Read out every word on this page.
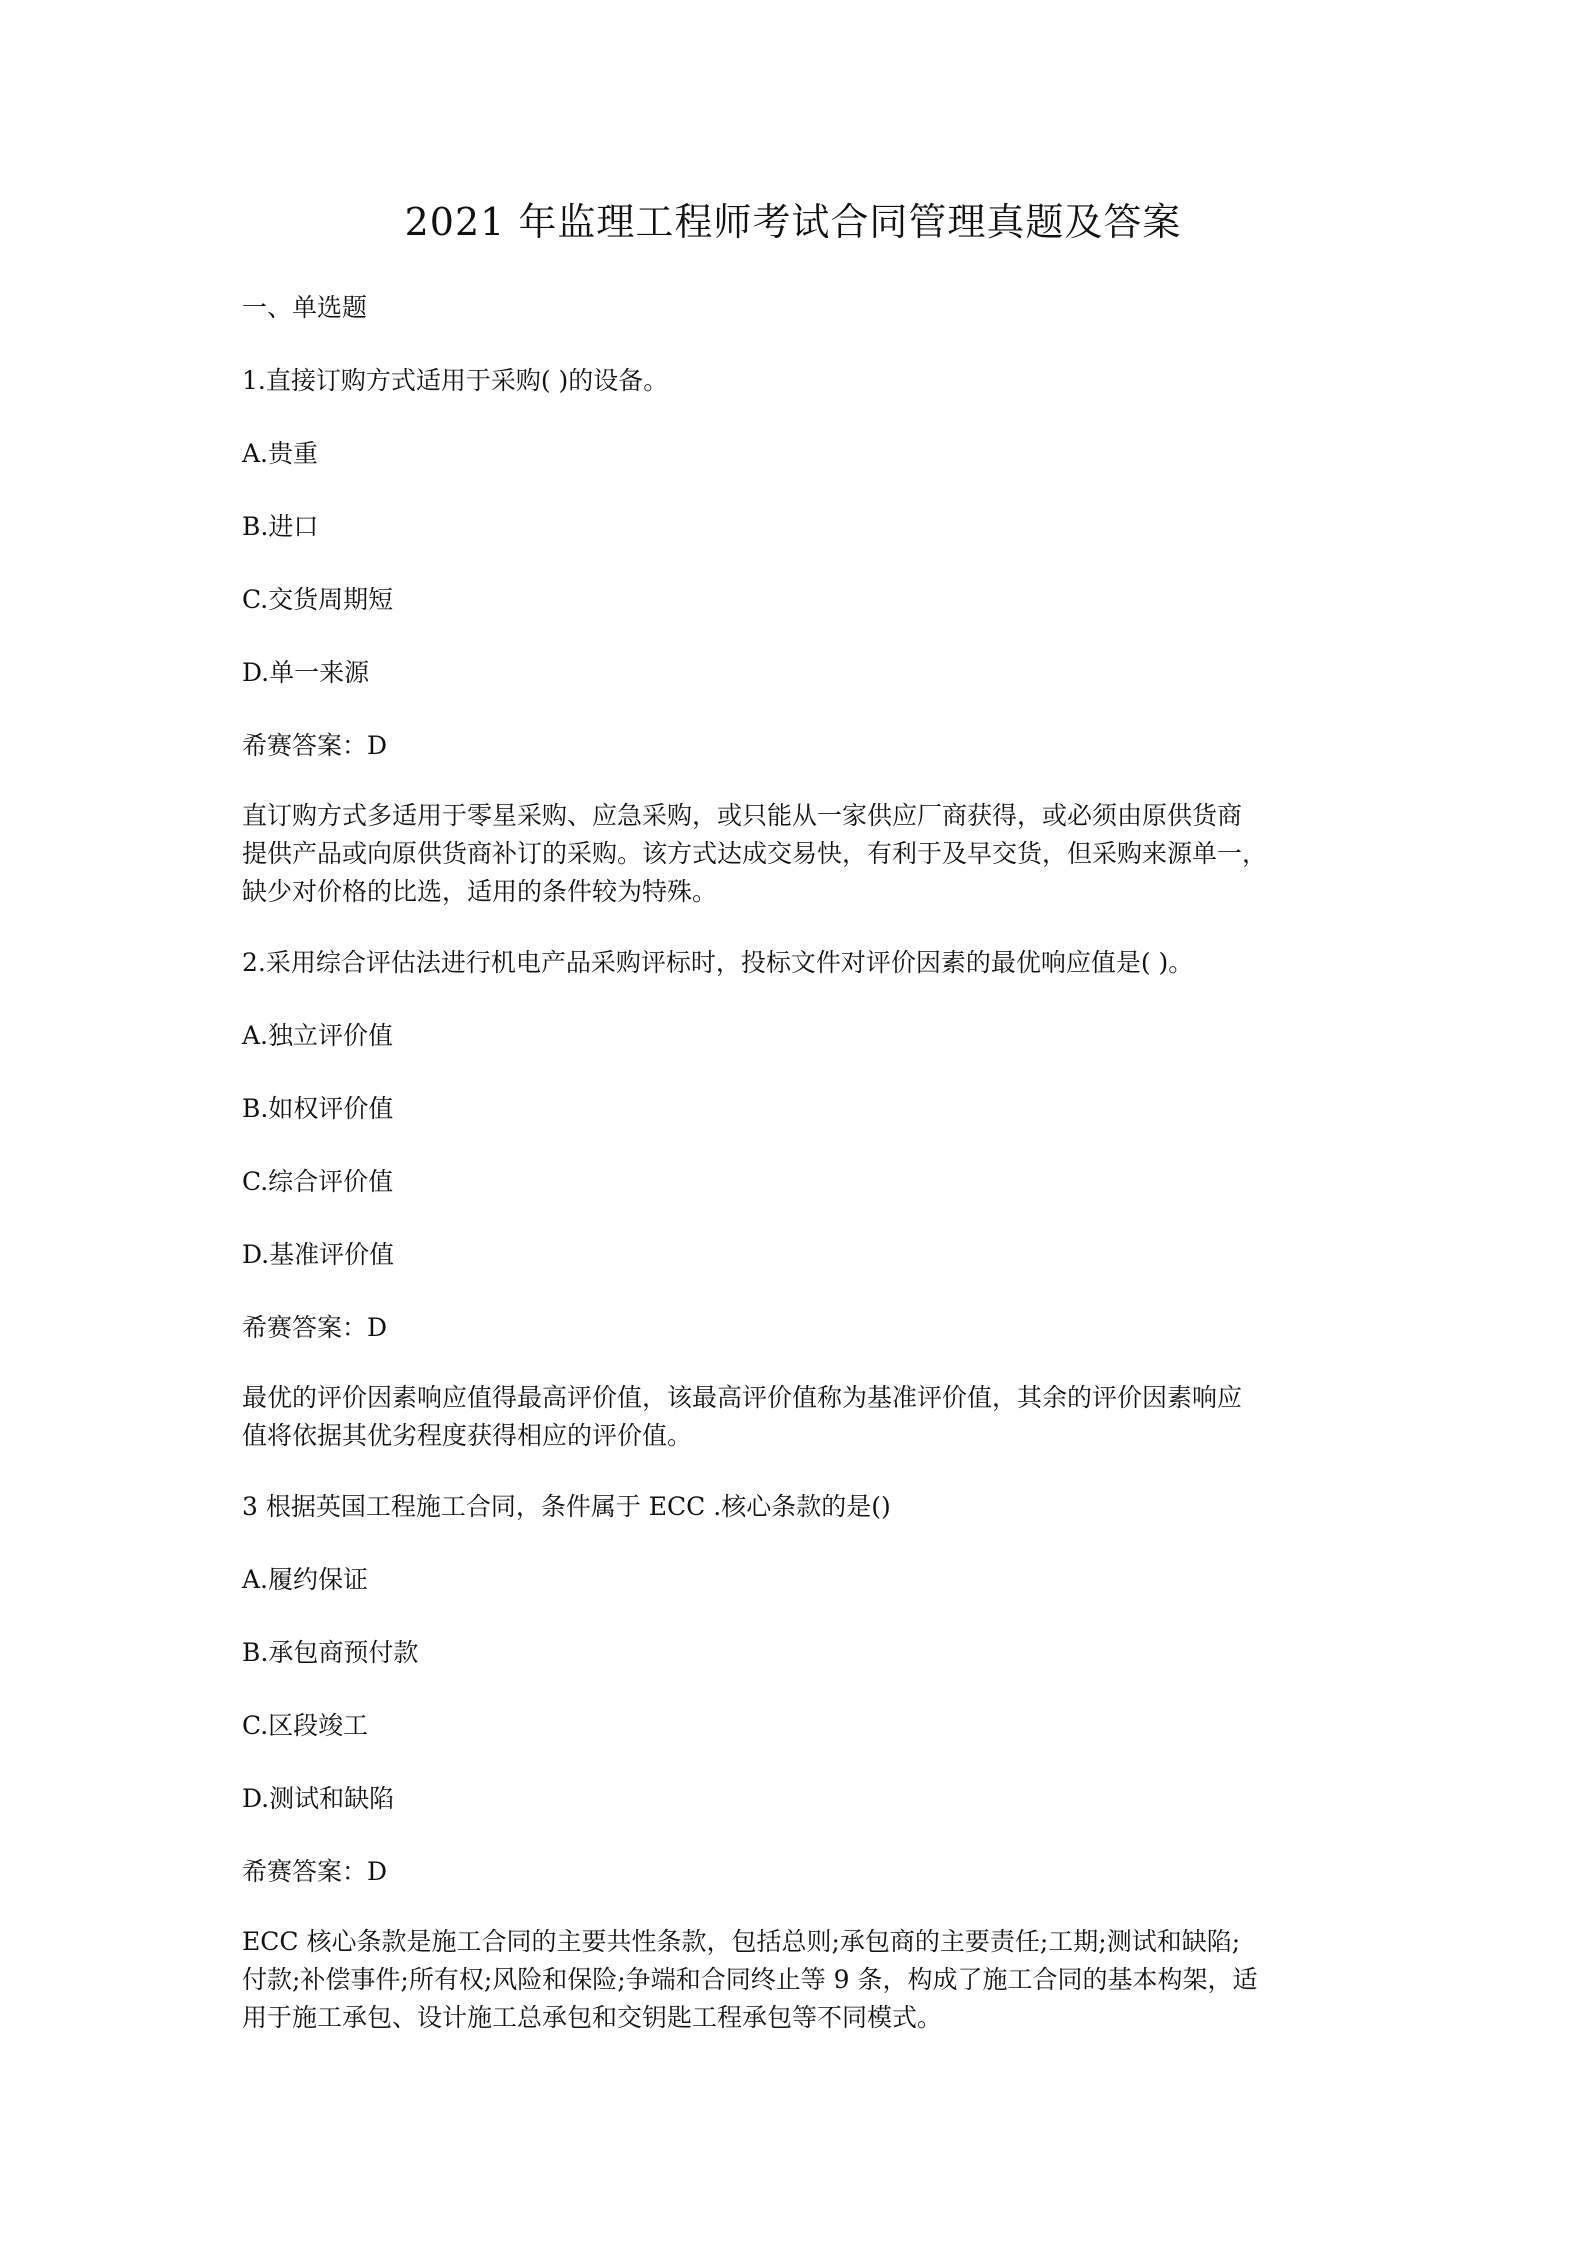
2021 年监理工程师考试合同管理真题及答案
一、单选题
1.直接订购方式适用于采购( )的设备。
A.贵重
B.进口
C.交货周期短
D.单一来源
希赛答案：D
直订购方式多适用于零星采购、应急采购，或只能从一家供应厂商获得，或必须由原供货商
提供产品或向原供货商补订的采购。该方式达成交易快，有利于及早交货，但采购来源单一，
缺少对价格的比选，适用的条件较为特殊。
2.采用综合评估法进行机电产品采购评标时，投标文件对评价因素的最优响应值是( )。
A.独立评价值
B.如权评价值
C.综合评价值
D.基准评价值
希赛答案：D
最优的评价因素响应值得最高评价值，该最高评价值称为基准评价值，其余的评价因素响应
值将依据其优劣程度获得相应的评价值。
3 根据英国工程施工合同，条件属于 ECC .核心条款的是()
A.履约保证
B.承包商预付款
C.区段竣工
D.测试和缺陷
希赛答案：D
ECC 核心条款是施工合同的主要共性条款，包括总则;承包商的主要责任;工期;测试和缺陷;
付款;补偿事件;所有权;风险和保险;争端和合同终止等 9 条，构成了施工合同的基本构架，适
用于施工承包、设计施工总承包和交钥匙工程承包等不同模式。
